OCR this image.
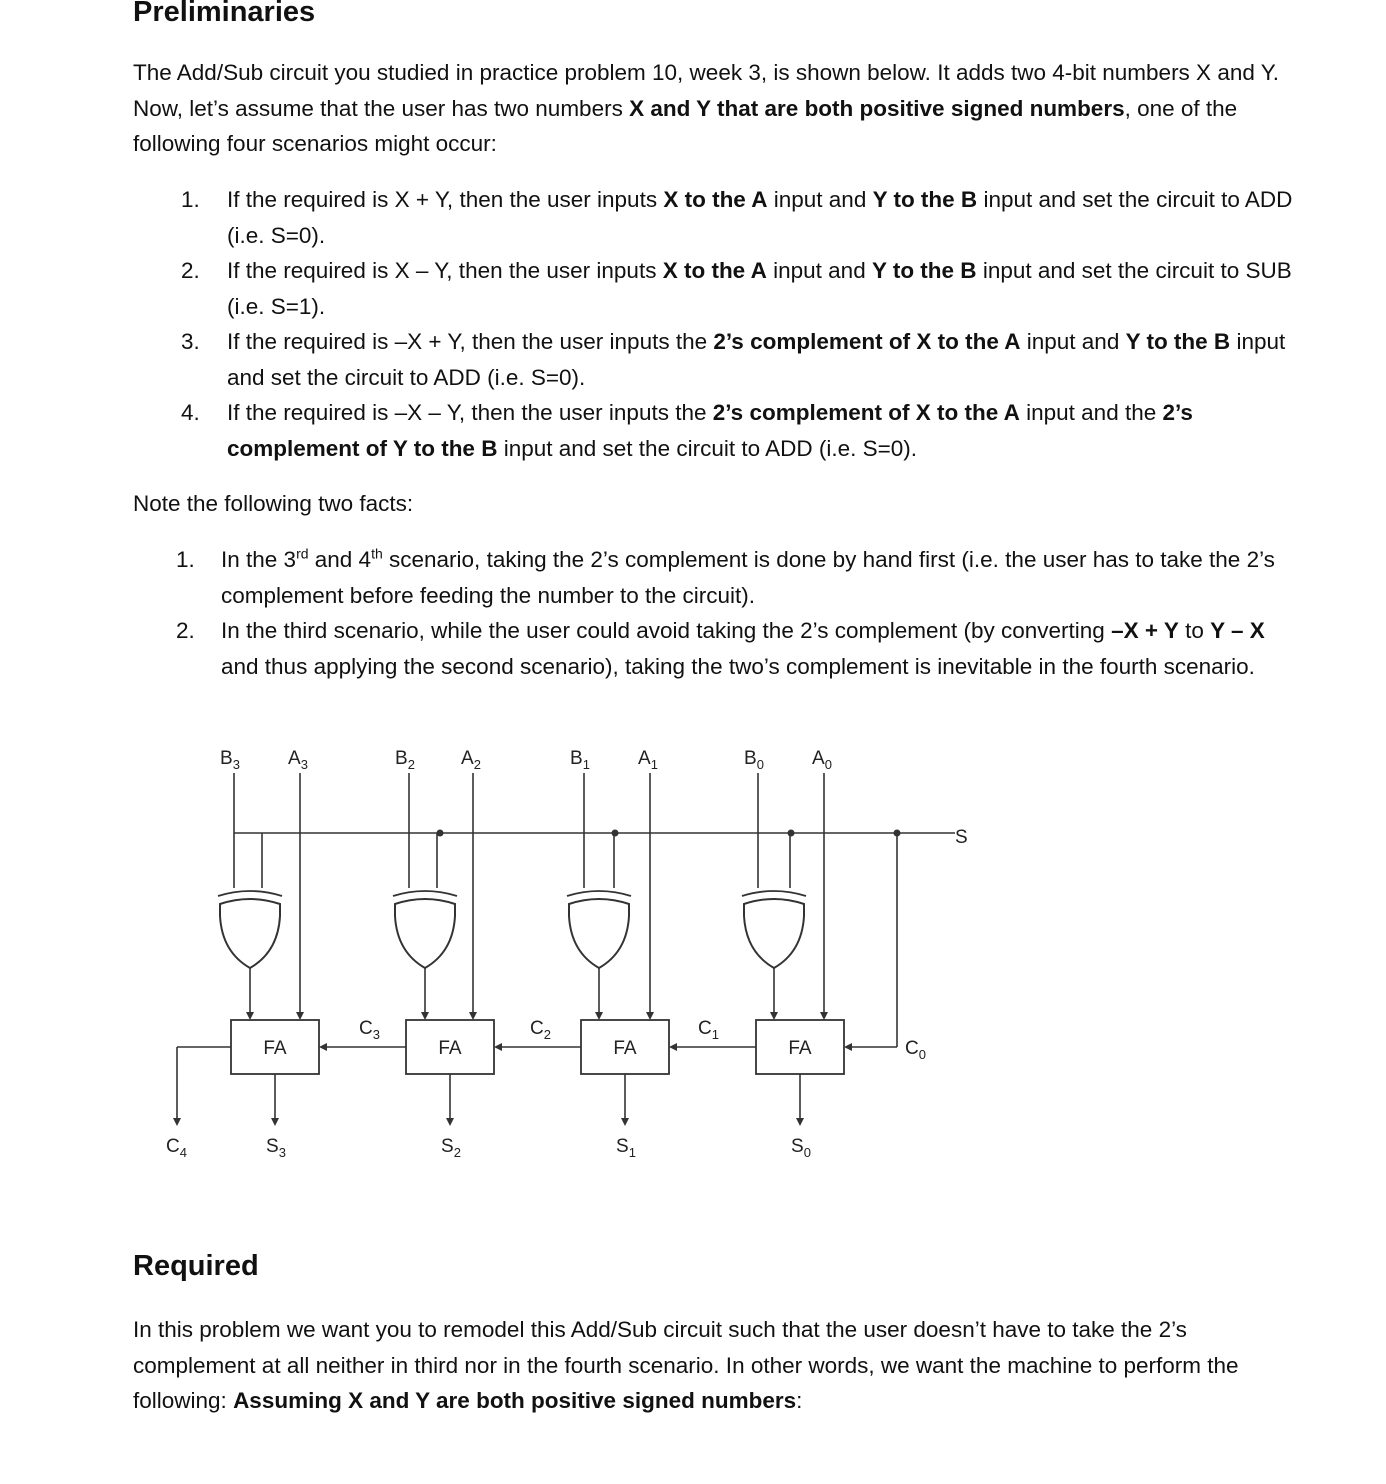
Preliminaries

The Add/Sub circuit you studied in practice problem 10, week 3, is shown below. It adds two 4-bit numbers X and Y. Now, let’s assume that the user has two numbers X and Y that are both positive signed numbers, one of the following four scenarios might occur:

1. If the required is X + Y, then the user inputs X to the A input and Y to the B input and set the circuit to ADD (i.e. S=0).
2. If the required is X – Y, then the user inputs X to the A input and Y to the B input and set the circuit to SUB (i.e. S=1).
3. If the required is –X + Y, then the user inputs the 2’s complement of X to the A input and Y to the B input and set the circuit to ADD (i.e. S=0).
4. If the required is –X – Y, then the user inputs the 2’s complement of X to the A input and the 2’s complement of Y to the B input and set the circuit to ADD (i.e. S=0).

Note the following two facts:

1. In the 3rd and 4th scenario, taking the 2’s complement is done by hand first (i.e. the user has to take the 2’s complement before feeding the number to the circuit).
2. In the third scenario, while the user could avoid taking the 2’s complement (by converting –X + Y to Y – X and thus applying the second scenario), taking the two’s complement is inevitable in the fourth scenario.
S
FA
$S_3$
$B_3$	$A_3$
FA
$S_2$
$B_2$ $A_2$
FA
$S_1$
$B_1$	$A_1$
FA
$S_0$
$B_0$	$A_0$
$C_3$	$C_2$	$C_1$
$C_0$
$C_4$
Required

In this problem we want you to remodel this Add/Sub circuit such that the user doesn’t have to take the 2’s complement at all neither in third nor in the fourth scenario. In other words, we want the machine to perform the following: Assuming X and Y are both positive signed numbers:
